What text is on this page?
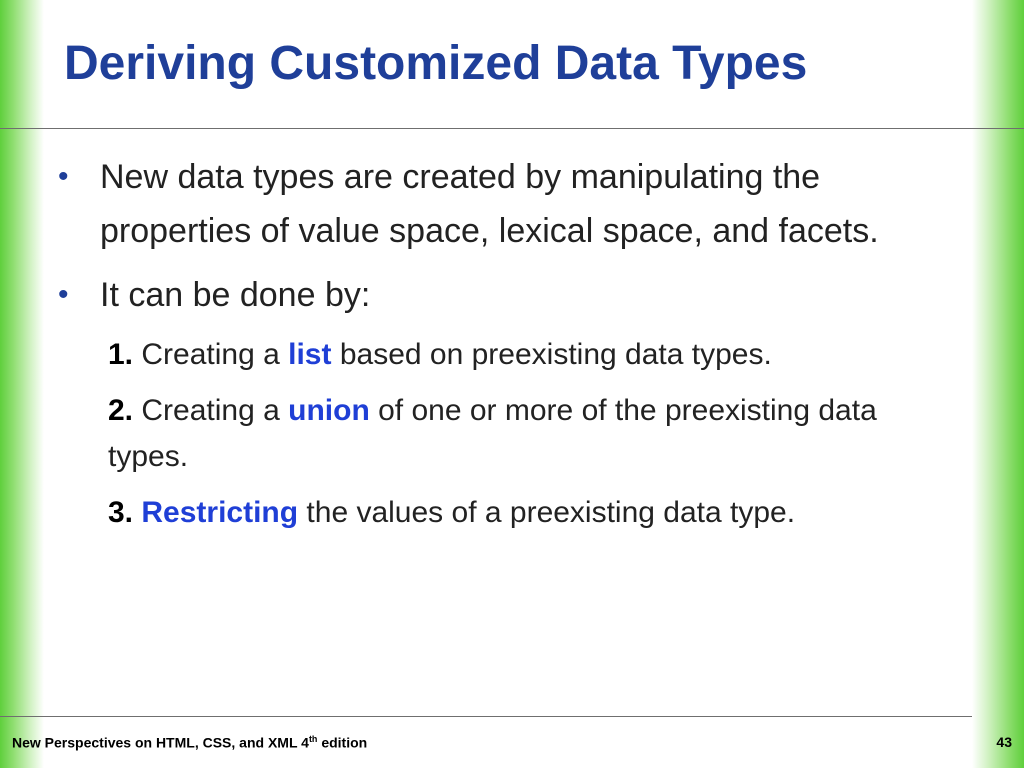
Deriving Customized Data Types
• New data types are created by manipulating the properties of value space, lexical space, and facets.
• It can be done by:
1. Creating a list based on preexisting data types.
2. Creating a union of one or more of the preexisting data types.
3. Restricting the values of a preexisting data type.
New Perspectives on HTML, CSS, and XML 4th edition	43
